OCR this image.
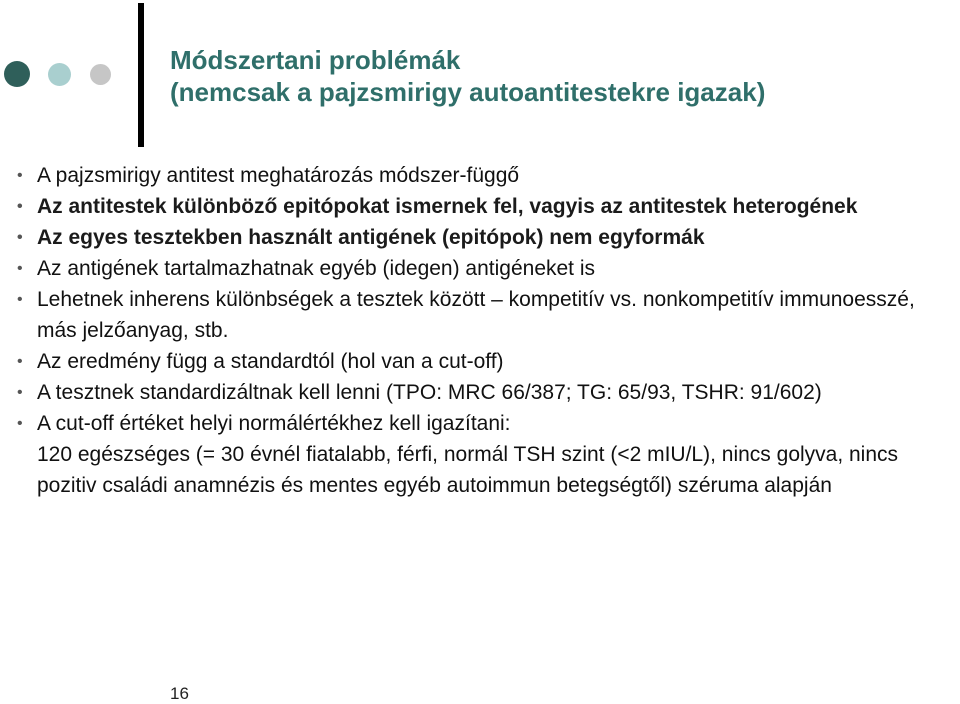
Módszertani problémák
(nemcsak a pajzsmirigy autoantitestekre igazak)
• A pajzsmirigy antitest meghatározás módszer-függő
• Az antitestek különböző epitópokat ismernek fel, vagyis az antitestek heterogének
• Az egyes tesztekben használt antigének (epitópok) nem egyformák
• Az antigének tartalmazhatnak egyéb (idegen) antigéneket is
• Lehetnek inherens különbségek a tesztek között – kompetitív vs. nonkompetitív immunoesszé, más jelzőanyag, stb.
• Az eredmény függ a standardtól (hol van a cut-off)
• A tesztnek standardizáltnak kell lenni (TPO: MRC 66/387; TG: 65/93, TSHR: 91/602)
• A cut-off értéket helyi normálértékhez kell igazítani:
120 egészséges (= 30 évnél fiatalabb, férfi, normál TSH szint (<2 mIU/L), nincs golyva, nincs pozitiv családi anamnézis és mentes egyéb autoimmun betegségtől) széruma alapján
16
